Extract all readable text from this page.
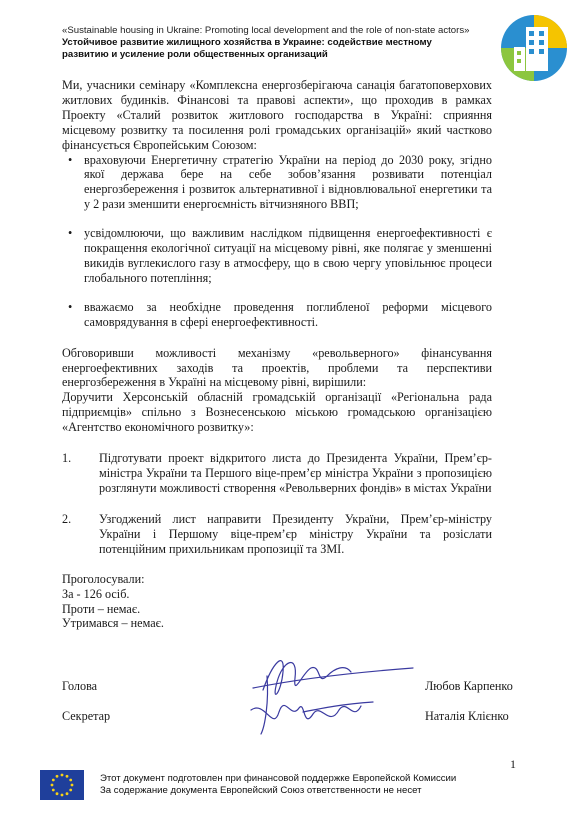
«Sustainable housing in Ukraine: Promoting local development and the role of non-state actors»
Устойчивое развитие жилищного хозяйства в Украине: содействие местному
развитию и усиление роли общественных организаций

Ми, учасники семінару «Комплексна енергозберігаюча санація багатоповерхових житлових будинків. Фінансові та правові аспекти», що проходив в рамках Проекту «Сталий розвиток житлового господарства в Україні: сприяння місцевому розвитку та посилення ролі громадських організацій» який частково фінансується Європейським Союзом:

• враховуючи Енергетичну стратегію України на період до 2030 року, згідно якої держава бере на себе зобов’язання розвивати потенціал енергозбереження і розвиток альтернативної і відновлювальної енергетики та у 2 рази зменшити енергоємність вітчизняного ВВП;

• усвідомлюючи, що важливим наслідком підвищення енергоефективності є покращення екологічної ситуації на місцевому рівні, яке полягає у зменшенні викидів вуглекислого газу в атмосферу, що в свою чергу уповільнює процеси глобального потепління;

• вважаємо за необхідне проведення поглибленої реформи місцевого самоврядування в сфері енергоефективності.

Обговоривши можливості механізму «револьверного» фінансування енергоефективних заходів та проектів, проблеми та перспективи енергозбереження в Україні на місцевому рівні, вирішили:

Доручити Херсонській обласній громадській організації «Регіональна рада підприємців» спільно з Вознесенською міською громадською організацією «Агентство економічного розвитку»:

1. Підготувати проект відкритого листа до Президента України, Прем’єр-міністра України та Першого віце-прем’єр міністра України з пропозицією розглянути можливості створення «Револьверних фондів» в містах України

2. Узгоджений лист направити Президенту України, Прем’єр-міністру України і Першому віце-прем’єр міністру України та розіслати потенційним прихильникам пропозиції та ЗМІ.

Проголосували:
За - 126 осіб.
Проти – немає.
Утримався – немає.
Голова	Любов Карпенко
Секретар	Наталія Клієнко
1
Этот документ подготовлен при финансовой поддержке Европейской Комиссии
За содержание документа Европейский Союз ответственности не несет
